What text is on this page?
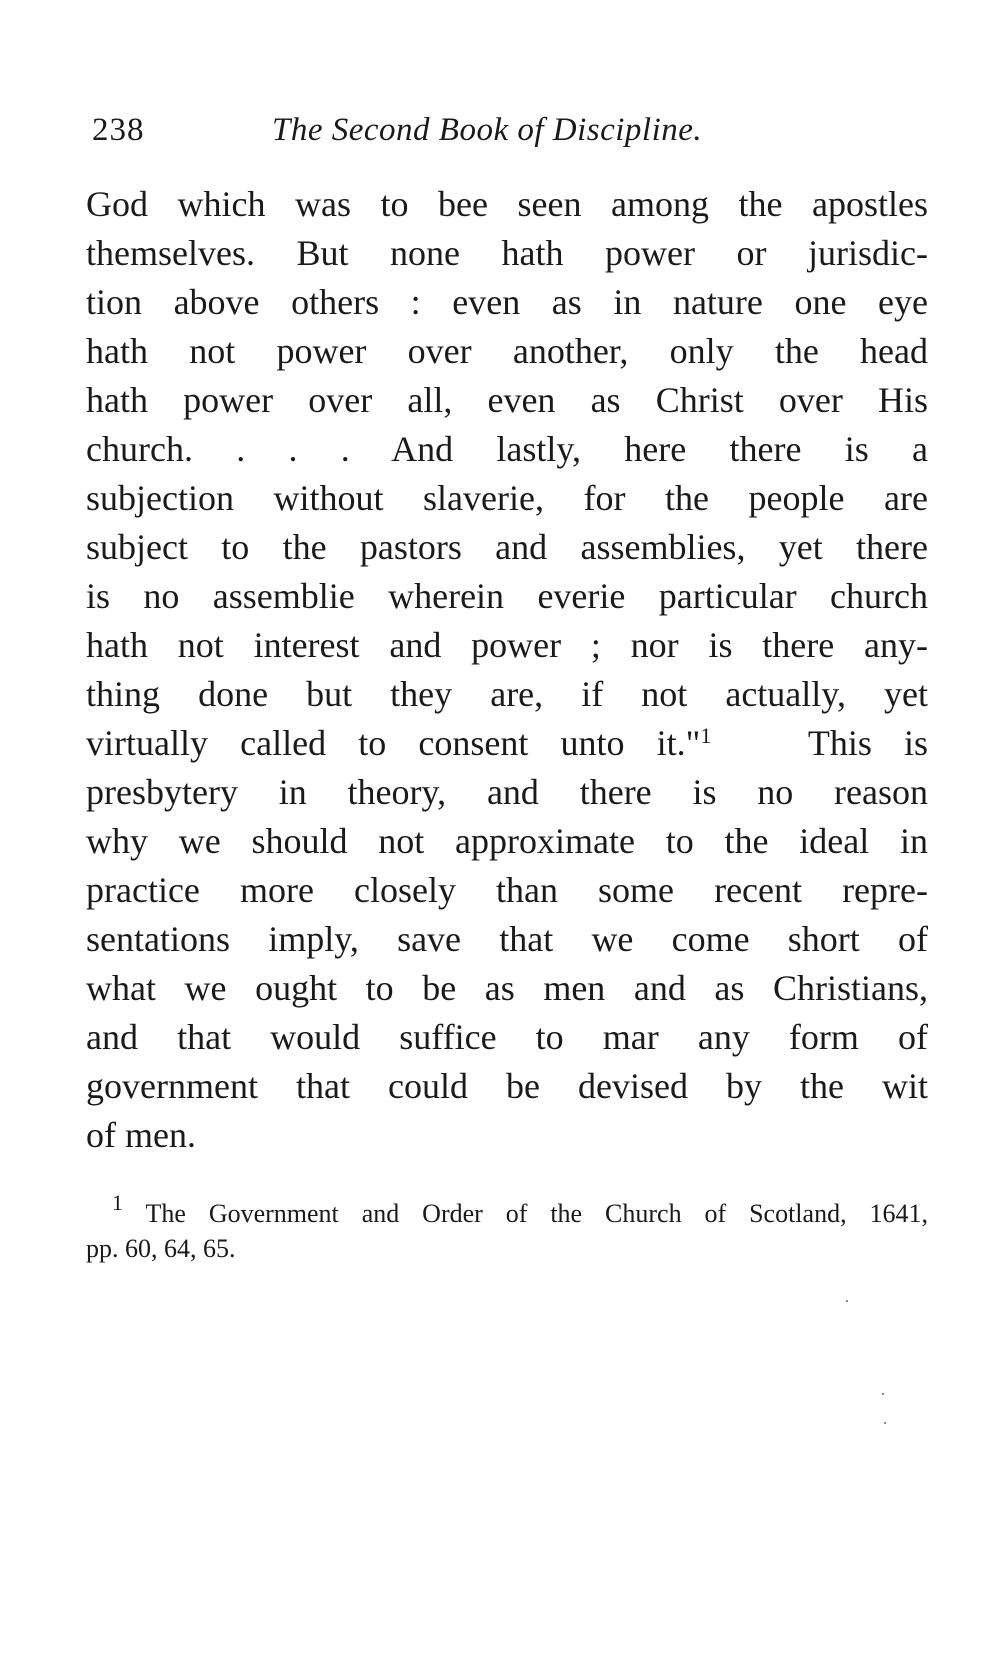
238	The Second Book of Discipline.
God which was to bee seen among the apostles
themselves. But none hath power or jurisdic-
tion above others : even as in nature one eye
hath not power over another, only the head
hath power over all, even as Christ over His
church. . . . And lastly, here there is a
subjection without slaverie, for the people are
subject to the pastors and assemblies, yet there
is no assemblie wherein everie particular church
hath not interest and power ; nor is there any-
thing done but they are, if not actually, yet
virtually called to consent unto it."$^1$	This is
presbytery in theory, and there is no reason
why we should not approximate to the ideal in
practice more closely than some recent repre-
sentations imply, save that we come short of
what we ought to be as men and as Christians,
and that would suffice to mar any form of
government that could be devised by the wit
of men.
$^1$ The Government and Order of the Church of Scotland, 1641,
pp. 60, 64, 65.
